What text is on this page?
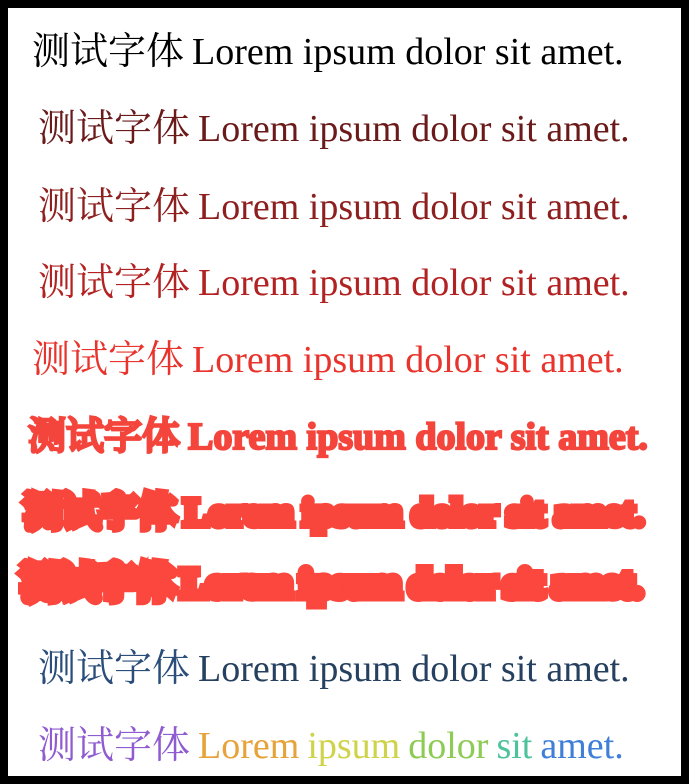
测试字体 Lorem ipsum dolor sit amet.
测试字体 Lorem ipsum dolor sit amet.
测试字体 Lorem ipsum dolor sit amet.
测试字体 Lorem ipsum dolor sit amet.
测试字体 Lorem ipsum dolor sit amet.
测试字体 Lorem ipsum dolor sit amet.
测试字体 Lorem ipsum dolor sit amet.
测试字体 Lorem ipsum dolor sit amet.
测试字体 Lorem ipsum dolor sit amet.
测试字体 Lorem ipsum dolor sit amet.
